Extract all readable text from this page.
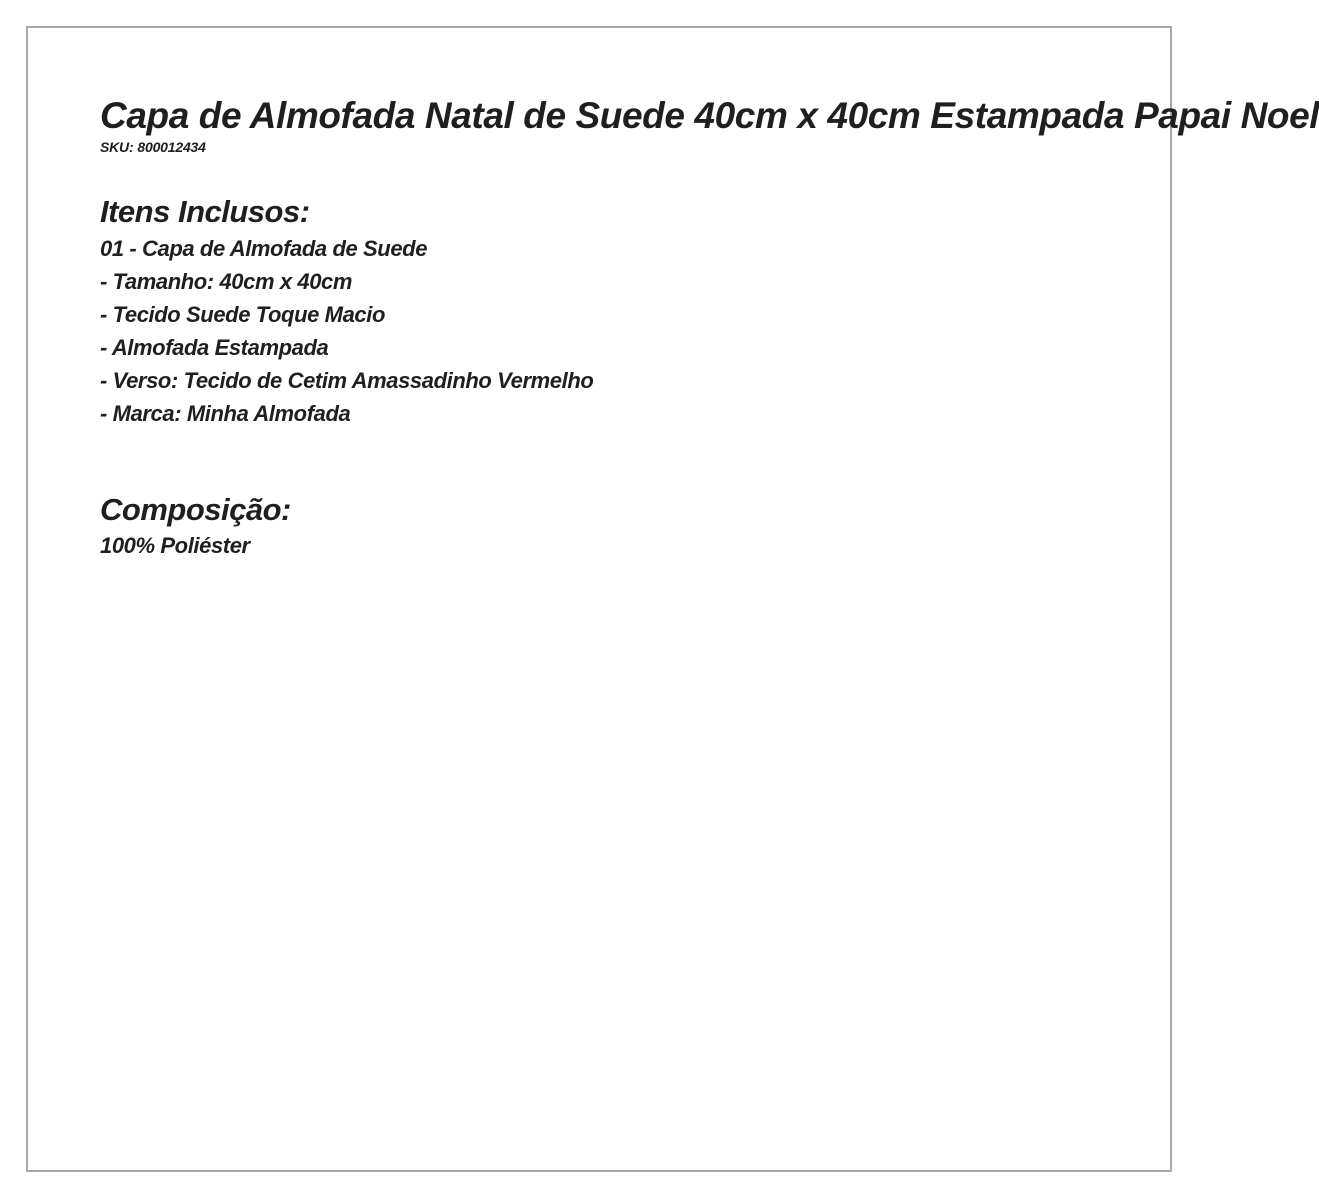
Capa de Almofada Natal de Suede 40cm x 40cm Estampada Papai Noel

SKU: 800012434

Itens Inclusos:
01 - Capa de Almofada de Suede
- Tamanho: 40cm x 40cm
- Tecido Suede Toque Macio
- Almofada Estampada
- Verso: Tecido de Cetim Amassadinho Vermelho
- Marca: Minha Almofada
Composição:

100% Poliéster
